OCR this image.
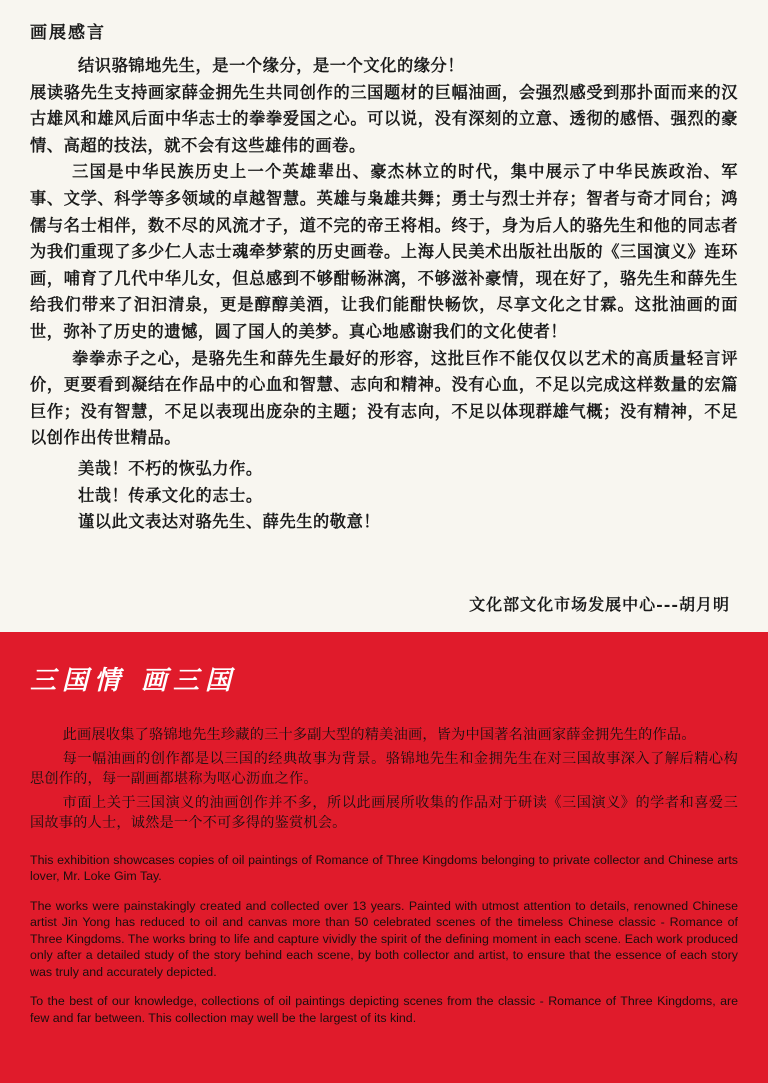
画展感言

结识骆锦地先生，是一个缘分，是一个文化的缘分！

展读骆先生支持画家薛金拥先生共同创作的三国题材的巨幅油画，会强烈感受到那扑面而来的汉古雄风和雄风后面中华志士的拳拳爱国之心。可以说，没有深刻的立意、透彻的感悟、强烈的豪情、高超的技法，就不会有这些雄伟的画卷。

三国是中华民族历史上一个英雄辈出、豪杰林立的时代，集中展示了中华民族政治、军事、文学、科学等多领域的卓越智慧。英雄与枭雄共舞；勇士与烈士并存；智者与奇才同台；鸿儒与名士相伴，数不尽的风流才子，道不完的帝王将相。终于，身为后人的骆先生和他的同志者为我们重现了多少仁人志士魂牵梦萦的历史画卷。上海人民美术出版社出版的《三国演义》连环画，哺育了几代中华儿女，但总感到不够酣畅淋漓，不够滋补豪情，现在好了，骆先生和薛先生给我们带来了汩汩清泉，更是醇醇美酒，让我们能酣快畅饮，尽享文化之甘霖。这批油画的面世，弥补了历史的遗憾，圆了国人的美梦。真心地感谢我们的文化使者！

拳拳赤子之心，是骆先生和薛先生最好的形容，这批巨作不能仅仅以艺术的高质量轻言评价，更要看到凝结在作品中的心血和智慧、志向和精神。没有心血，不足以完成这样数量的宏篇巨作；没有智慧，不足以表现出庞杂的主题；没有志向，不足以体现群雄气概；没有精神，不足以创作出传世精品。

美哉！不朽的恢弘力作。

壮哉！传承文化的志士。

谨以此文表达对骆先生、薛先生的敬意！

文化部文化市场发展中心---胡月明
三国情 画三国

此画展收集了骆锦地先生珍藏的三十多副大型的精美油画，皆为中国著名油画家薛金拥先生的作品。

每一幅油画的创作都是以三国的经典故事为背景。骆锦地先生和金拥先生在对三国故事深入了解后精心构思创作的，每一副画都堪称为呕心沥血之作。

市面上关于三国演义的油画创作并不多，所以此画展所收集的作品对于研读《三国演义》的学者和喜爱三国故事的人士，诚然是一个不可多得的鉴赏机会。

This exhibition showcases copies of oil paintings of Romance of Three Kingdoms belonging to private collector and Chinese arts lover, Mr. Loke Gim Tay.

The works were painstakingly created and collected over 13 years. Painted with utmost attention to details, renowned Chinese artist Jin Yong has reduced to oil and canvas more than 50 celebrated scenes of the timeless Chinese classic - Romance of Three Kingdoms. The works bring to life and capture vividly the spirit of the defining moment in each scene. Each work produced only after a detailed study of the story behind each scene, by both collector and artist, to ensure that the essence of each story was truly and accurately depicted.

To the best of our knowledge, collections of oil paintings depicting scenes from the classic - Romance of Three Kingdoms, are few and far between. This collection may well be the largest of its kind.
